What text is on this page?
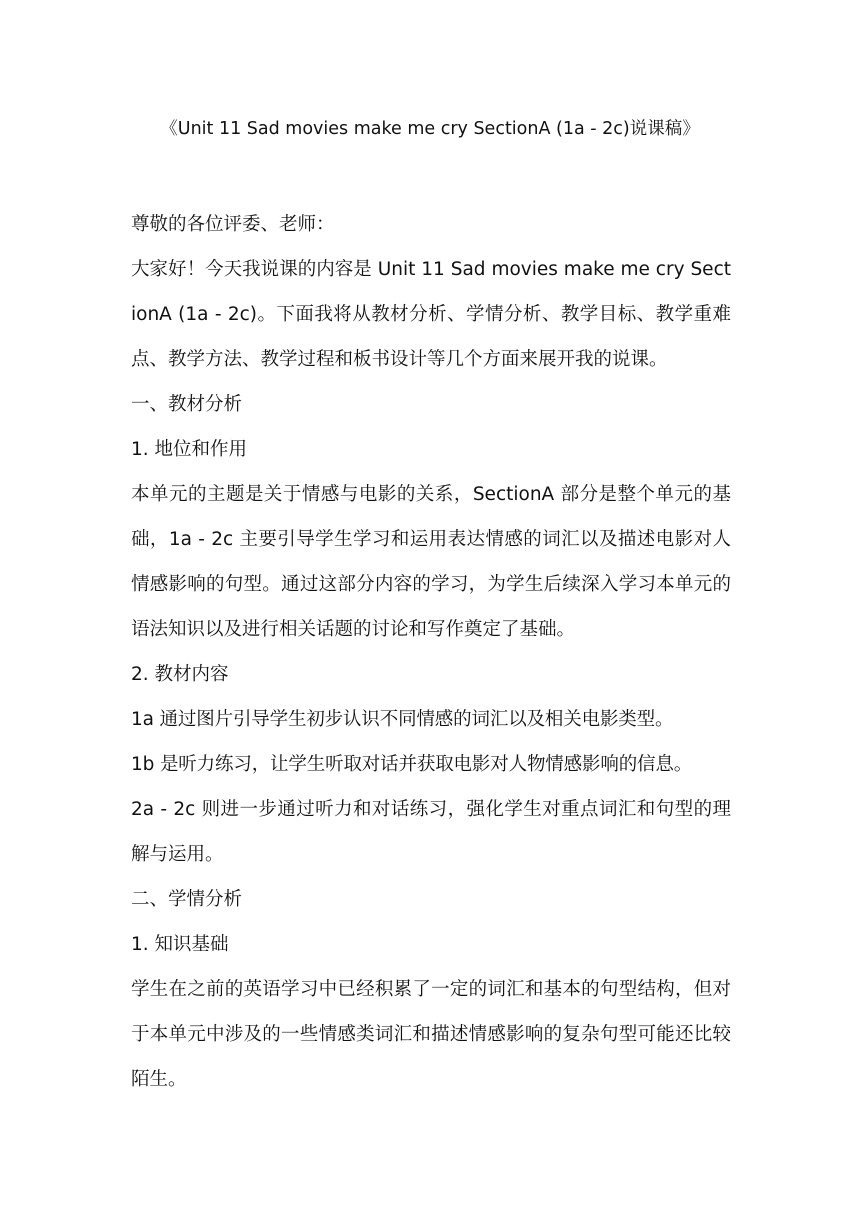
《Unit 11 Sad movies make me cry SectionA (1a - 2c)说课稿》

尊敬的各位评委、老师：

大家好！今天我说课的内容是 Unit 11 Sad movies make me cry SectionA (1a - 2c)。下面我将从教材分析、学情分析、教学目标、教学重难点、教学方法、教学过程和板书设计等几个方面来展开我的说课。

一、教材分析

1. 地位和作用

本单元的主题是关于情感与电影的关系，SectionA 部分是整个单元的基础，1a - 2c 主要引导学生学习和运用表达情感的词汇以及描述电影对人情感影响的句型。通过这部分内容的学习，为学生后续深入学习本单元的语法知识以及进行相关话题的讨论和写作奠定了基础。

2. 教材内容

1a 通过图片引导学生初步认识不同情感的词汇以及相关电影类型。

1b 是听力练习，让学生听取对话并获取电影对人物情感影响的信息。

2a - 2c 则进一步通过听力和对话练习，强化学生对重点词汇和句型的理解与运用。

二、学情分析

1. 知识基础

学生在之前的英语学习中已经积累了一定的词汇和基本的句型结构，但对于本单元中涉及的一些情感类词汇和描述情感影响的复杂句型可能还比较陌生。
